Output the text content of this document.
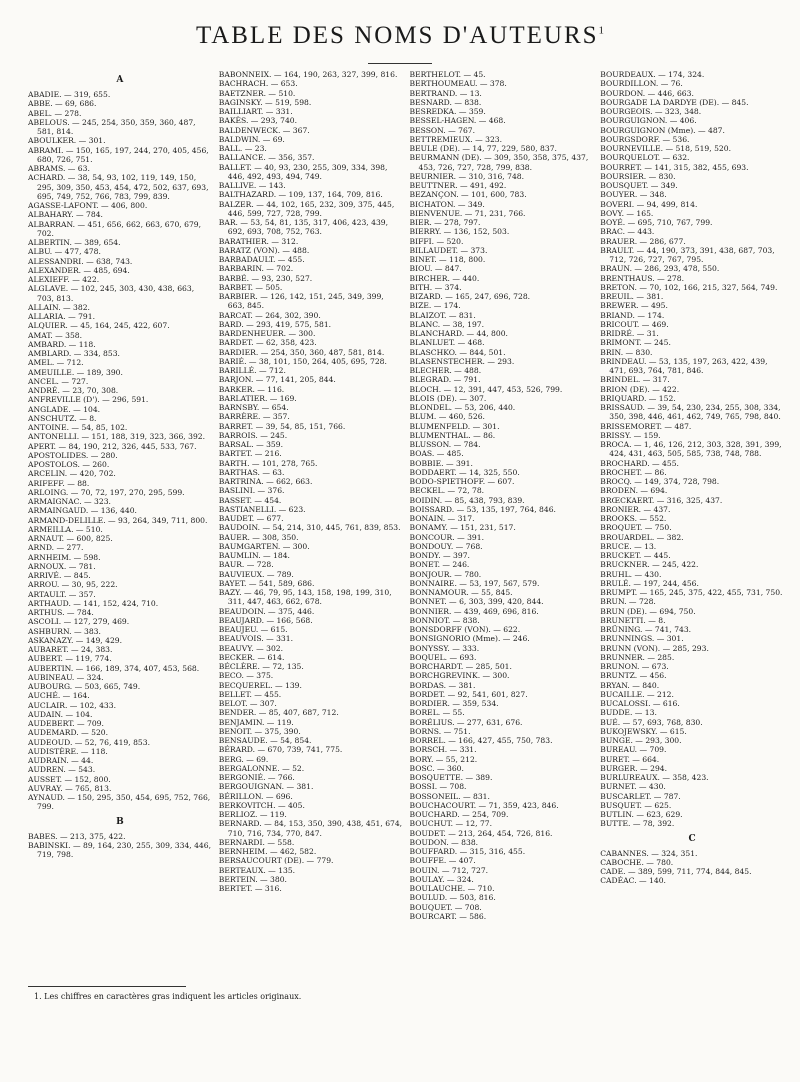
TABLE DES NOMS D'AUTEURS$^1$
A
ABADIE. — 319, 655.
ABBE. — 69, 686.
ABEL. — 278.
ABELOUS. — 245, 254, 350, 359, 360, 487, 581, 814.
ABOULKER. — 301.
ABRAMI. — 150, 165, 197, 244, 270, 405, 456, 680, 726, 751.
ABRAMS. — 63.
ACHARD. — 38, 54, 93, 102, 119, 149, 150, 295, 309, 350, 453, 454, 472, 502, 637, 693, 695, 749, 752, 766, 783, 799, 839.
AGASSE-LAFONT. — 406, 800.
ALBAHARY. — 784.
ALBARRAN. — 451, 656, 662, 663, 670, 679, 702.
ALBERTIN. — 389, 654.
ALBU. — 477, 478.
ALESSANDRI. — 638, 743.
ALEXANDER. — 485, 694.
ALEXIEFF. — 422.
ALGLAVE. — 102, 245, 303, 430, 438, 663, 703, 813.
ALLAIN. — 382.
ALLARIA. — 791.
ALQUIER. — 45, 164, 245, 422, 607.
AMAT. — 358.
AMBARD. — 118.
AMBLARD. — 334, 853.
AMEL. — 712.
AMEUILLE. — 189, 390.
ANCEL. — 727.
ANDRÉ. — 23, 70, 308.
ANFREVILLE (D'). — 296, 591.
ANGLADE. — 104.
ANSCHUTZ. — 8.
ANTOINE. — 54, 85, 102.
ANTONELLI. — 151, 188, 319, 323, 366, 392.
APERT. — 84, 190, 212, 326, 445, 533, 767.
APOSTOLIDES. — 280.
APOSTOLOS. — 260.
ARCELIN. — 420, 702.
ARIFEFF. — 88.
ARLOING. — 70, 72, 197, 270, 295, 599.
ARMAIGNAC. — 323.
ARMAINGAUD. — 136, 440.
ARMAND-DELILLE. — 93, 264, 349, 711, 800.
ARMEILLA. — 510.
ARNAUT. — 600, 825.
ARND. — 277.
ARNHEIM. — 598.
ARNOUX. — 781.
ARRIVÉ. — 845.
ARROU. — 30, 95, 222.
ARTAULT. — 357.
ARTHAUD. — 141, 152, 424, 710.
ARTHUS. — 784.
ASCOLI. — 127, 279, 469.
ASHBURN. — 383.
ASKANAZY. — 149, 429.
AUBARET. — 24, 383.
AUBERT. — 119, 774.
AUBERTIN. — 166, 189, 374, 407, 453, 568.
AUBINEAU. — 324.
AUBOURG. — 503, 665, 749.
AUCHÉ. — 164.
AUCLAIR. — 102, 433.
AUDAIN. — 104.
AUDEBERT. — 709.
AUDEMARD. — 520.
AUDEOUD. — 52, 76, 419, 853.
AUDISTÈRE. — 118.
AUDRAIN. — 44.
AUDREN. — 543.
AUSSET. — 152, 800.
AUVRAY. — 765, 813.
AYNAUD. — 150, 295, 350, 454, 695, 752, 766, 799.
B
BABES. — 213, 375, 422.
BABINSKI. — 89, 164, 230, 255, 309, 334, 446, 719, 798.
BABONNEIX. — 164, 190, 263, 327, 399, 816.
BACHRACH. — 653.
BAETZNER. — 510.
BAGINSKY. — 519, 598.
BAILLIART. — 331.
BAKÈS. — 293, 740.
BALDENWECK. — 367.
BALDWIN. — 69.
BALL. — 23.
BALLANCE. — 356, 357.
BALLET. — 40, 93, 230, 255, 309, 334, 398, 446, 492, 493, 494, 749.
BALLIVE. — 143.
BALTHAZARD. — 109, 137, 164, 709, 816.
BALZER. — 44, 102, 165, 232, 309, 375, 445, 446, 599, 727, 728, 799.
BAR. — 53, 54, 81, 135, 317, 406, 423, 439, 692, 693, 708, 752, 763.
BARATHIER. — 312.
BARATZ (VON). — 488.
BARBADAULT. — 455.
BARBARIN. — 702.
BARBÉ. — 93, 230, 527.
BARBET. — 505.
BARBIER. — 126, 142, 151, 245, 349, 399, 663, 845.
BARCAT. — 264, 302, 390.
BARD. — 293, 419, 575, 581.
BARDENHEUER. — 300.
BARDET. — 62, 358, 423.
BARDIER. — 254, 350, 360, 487, 581, 814.
BARIÉ. — 38, 101, 150, 264, 405, 695, 728.
BARILLÉ. — 712.
BARJON. — 77, 141, 205, 844.
BARKER. — 116.
BARLATIER. — 169.
BARNSBY. — 654.
BARRÈRE. — 357.
BARRET. — 39, 54, 85, 151, 766.
BARROIS. — 245.
BARSAL. — 359.
BARTET. — 216.
BARTH. — 101, 278, 765.
BARTHAS. — 63.
BARTRINA. — 662, 663.
BASLINI. — 376.
BASSET. — 454.
BASTIANELLI. — 623.
BAUDET. — 677.
BAUDOIN. — 54, 214, 310, 445, 761, 839, 853.
BAUER. — 308, 350.
BAUMGARTEN. — 300.
BAUMLIN. — 184.
BAUR. — 728.
BAUVIEUX. — 789.
BAYET. — 541, 589, 686.
BAZY. — 46, 79, 95, 143, 158, 198, 199, 310, 311, 447, 463, 662, 678.
BEAUDOIN. — 375, 446.
BEAUJARD. — 166, 568.
BEAUJEU. — 615.
BEAUVOIS. — 331.
BEAUVY. — 302.
BECKER. — 614.
BÉCLÈRE. — 72, 135.
BECO. — 375.
BECQUEREL. — 139.
BELLET. — 455.
BELOT. — 307.
BENDER. — 85, 407, 687, 712.
BENJAMIN. — 119.
BENOIT. — 375, 390.
BENSAUDE. — 54, 854.
BÉRARD. — 670, 739, 741, 775.
BERG. — 69.
BERGALONNE. — 52.
BERGONIÉ. — 766.
BERGOUIGNAN. — 381.
BÉRILLON. — 696.
BERKOVITCH. — 405.
BERLIOZ. — 119.
BERNARD. — 84, 153, 350, 390, 438, 451, 674, 710, 716, 734, 770, 847.
BERNARDI. — 558.
BERNHEIM. — 462, 582.
BERSAUCOURT (DE). — 779.
BERTEAUX. — 135.
BERTEIN. — 380.
BERTET. — 316.
BERTHELOT. — 45.
BERTHOUMEAU. — 378.
BERTRAND. — 13.
BESNARD. — 838.
BESREDKA. — 359.
BESSEL-HAGEN. — 468.
BESSON. — 767.
BETTREMIEUX. — 323.
BEULE (DE). — 14, 77, 229, 580, 837.
BEURMANN (DE). — 309, 350, 358, 375, 437, 453, 726, 727, 728, 799, 838.
BEURNIER. — 310, 316, 748.
BEUTTNER. — 491, 492.
BEZANÇON. — 101, 600, 783.
BICHATON. — 349.
BIENVENUE. — 71, 231, 766.
BIER. — 278, 797.
BIERRY. — 136, 152, 503.
BIFFI. — 520.
BILLAUDET. — 373.
BINET. — 118, 800.
BIOU. — 847.
BIRCHER. — 440.
BITH. — 374.
BIZARD. — 165, 247, 696, 728.
BIZE. — 174.
BLAIZOT. — 831.
BLANC. — 38, 197.
BLANCHARD. — 44, 800.
BLANLUET. — 468.
BLASCHKO. — 844, 501.
BLASENSTECHER. — 293.
BLECHER. — 488.
BLEGRAD. — 791.
BLOCH. — 12, 391, 447, 453, 526, 799.
BLOIS (DE). — 307.
BLONDEL. — 53, 206, 440.
BLUM. — 460, 526.
BLUMENFELD. — 301.
BLUMENTHAL. — 86.
BLUSSON. — 784.
BOAS. — 485.
BOBBIE. — 391.
BODDAERT. — 14, 325, 550.
BODO-SPIETHOFF. — 607.
BECKEL. — 72, 78.
BOIDIN. — 85, 438, 793, 839.
BOISSARD. — 53, 135, 197, 764, 846.
BONAIN. — 317.
BONAMY. — 151, 231, 517.
BONCOUR. — 391.
BONDOUY. — 768.
BONDY. — 397.
BONET. — 246.
BONJOUR. — 780.
BONNAIRE. — 53, 197, 567, 579.
BONNAMOUR. — 55, 845.
BONNET. — 6, 303, 399, 420, 844.
BONNIER. — 439, 469, 696, 816.
BONNIOT. — 838.
BONSDORFF (VON). — 622.
BONSIGNORIO (Mme). — 246.
BONYSSY. — 333.
BOQUEL. — 693.
BORCHARDT. — 285, 501.
BORCHGREVINK. — 300.
BORDAS. — 381.
BORDET. — 92, 541, 601, 827.
BORDIER. — 359, 534.
BOREL. — 55.
BORÉLIUS. — 277, 631, 676.
BORNS. — 751.
BORREL. — 166, 427, 455, 750, 783.
BORSCH. — 331.
BORY. — 55, 212.
BOSC. — 360.
BOSQUETTE. — 389.
BOSSI. — 708.
BOSSONEIL. — 831.
BOUCHACOURT. — 71, 359, 423, 846.
BOUCHARD. — 254, 709.
BOUCHUT. — 12, 77.
BOUDET. — 213, 264, 454, 726, 816.
BOUDON. — 838.
BOUFFARD. — 315, 316, 455.
BOUFFE. — 407.
BOUIN. — 712, 727.
BOULAY. — 324.
BOULAUCHE. — 710.
BOULUD. — 503, 816.
BOUQUET. — 708.
BOURCART. — 586.
BOURDEAUX. — 174, 324.
BOURDILLON. — 76.
BOURDON. — 446, 663.
BOURGADE LA DARDYE (DE). — 845.
BOURGEOIS. — 323, 348.
BOURGUIGNON. — 406.
BOURGUIGNON (Mme). — 487.
BOURGSDORF. — 536.
BOURNEVILLE. — 518, 519, 520.
BOURQUELOT. — 632.
BOURRET. — 141, 315, 382, 455, 693.
BOURSIER. — 830.
BOUSQUET. — 349.
BOUYER. — 348.
BOVERI. — 94, 499, 814.
BOVY. — 165.
BOYÉ. — 695, 710, 767, 799.
BRAC. — 443.
BRAUER. — 286, 677.
BRAULT. — 44, 190, 373, 391, 438, 687, 703, 712, 726, 727, 767, 795.
BRAUN. — 286, 293, 478, 550.
BRENTHAUS. — 278.
BRETON. — 70, 102, 166, 215, 327, 564, 749.
BREUIL. — 381.
BREWER. — 495.
BRIAND. — 174.
BRICOUT. — 469.
BRIDRÉ. — 31.
BRIMONT. — 245.
BRIN. — 830.
BRINDEAU. — 53, 135, 197, 263, 422, 439, 471, 693, 764, 781, 846.
BRINDEL. — 317.
BRION (DE). — 422.
BRIQUARD. — 152.
BRISSAUD. — 39, 54, 230, 234, 255, 308, 334, 350, 398, 446, 461, 462, 749, 765, 798, 840.
BRISSEMORET. — 487.
BRISSY. — 159.
BROCA. — 1, 46, 126, 212, 303, 328, 391, 399, 424, 431, 463, 505, 585, 738, 748, 788.
BROCHARD. — 455.
BROCHET. — 86.
BROCQ. — 149, 374, 728, 798.
BRODEN. — 694.
BRŒCKAERT. — 316, 325, 437.
BRONIER. — 437.
BROOKS. — 552.
BROQUET. — 750.
BROUARDEL. — 382.
BRUCE. — 13.
BRUCKET. — 445.
BRUCKNER. — 245, 422.
BRUHL. — 430.
BRULÉ. — 197, 244, 456.
BRUMPT. — 165, 245, 375, 422, 455, 731, 750.
BRUN. — 728.
BRUN (DE). — 694, 750.
BRUNETTI. — 8.
BRÜNING. — 741, 743.
BRUNNINGS. — 301.
BRUNN (VON). — 285, 293.
BRUNNER. — 285.
BRUNON. — 673.
BRUNTZ. — 456.
BRYAN. — 840.
BUCAILLE. — 212.
BUCALOSSI. — 616.
BUDDE. — 13.
BUÉ. — 57, 693, 768, 830.
BUKOJEWSKY. — 615.
BUNGE. — 293, 300.
BUREAU. — 709.
BURET. — 664.
BURGER. — 294.
BURLUREAUX. — 358, 423.
BURNET. — 430.
BUSCARLET. — 787.
BUSQUET. — 625.
BUTLIN. — 623, 629.
BUTTE. — 78, 392.
C
CABANNES. — 324, 351.
CABOCHE. — 780.
CADE. — 389, 599, 711, 774, 844, 845.
CADÉAC. — 140.
1. Les chiffres en caractères gras indiquent les articles originaux.
